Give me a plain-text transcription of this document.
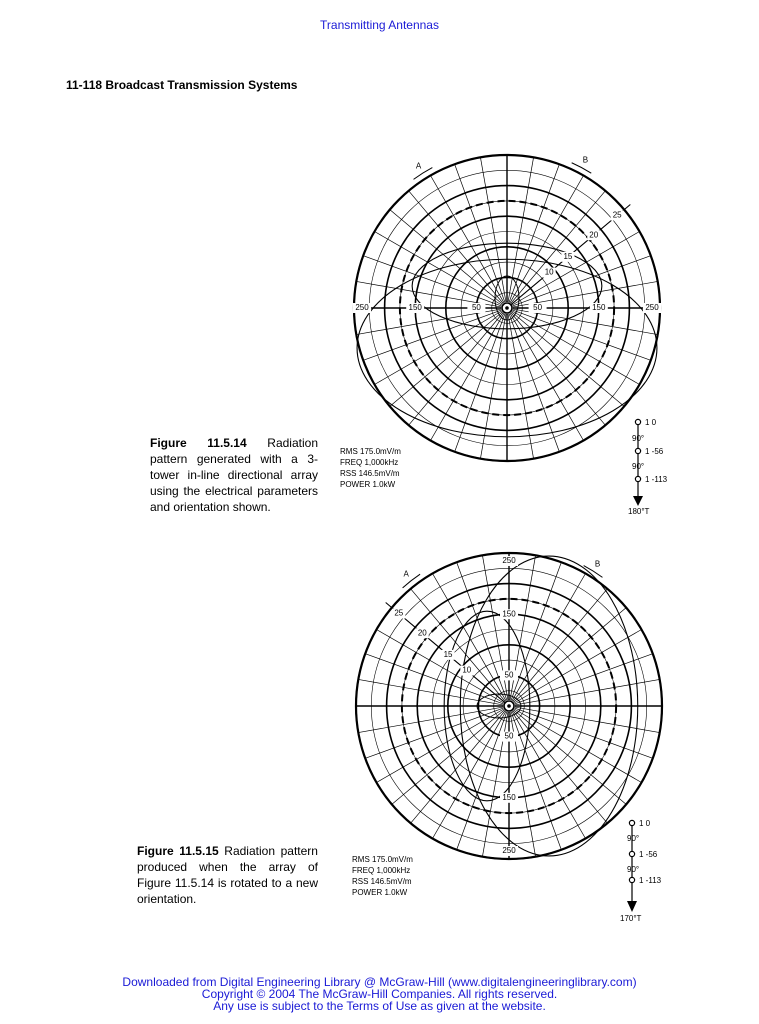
Transmitting Antennas
11-118 Broadcast Transmission Systems
250	150	50	50	150	250
10
15
20
25
A
B
Figure 11.5.14 Radiation pattern generated with a 3-tower in-line directional array using the electrical parameters and orientation shown.
RMS 175.0mV/m
FREQ 1,000kHz
RSS 146.5mV/m
POWER 1.0kW
1 0
90°
1 -56
90°
1 -113
180°T
250
150
50
50
150
250
10
15
20
25
A
B
Figure 11.5.15 Radiation pattern produced when the array of Figure 11.5.14 is rotated to a new orientation.
RMS 175.0mV/m
FREQ 1,000kHz
RSS 146.5mV/m
POWER 1.0kW
1 0
90°
1 -56
90°
1 -113
170°T
Downloaded from Digital Engineering Library @ McGraw-Hill (www.digitalengineeringlibrary.com)
Copyright © 2004 The McGraw-Hill Companies. All rights reserved.
Any use is subject to the Terms of Use as given at the website.
